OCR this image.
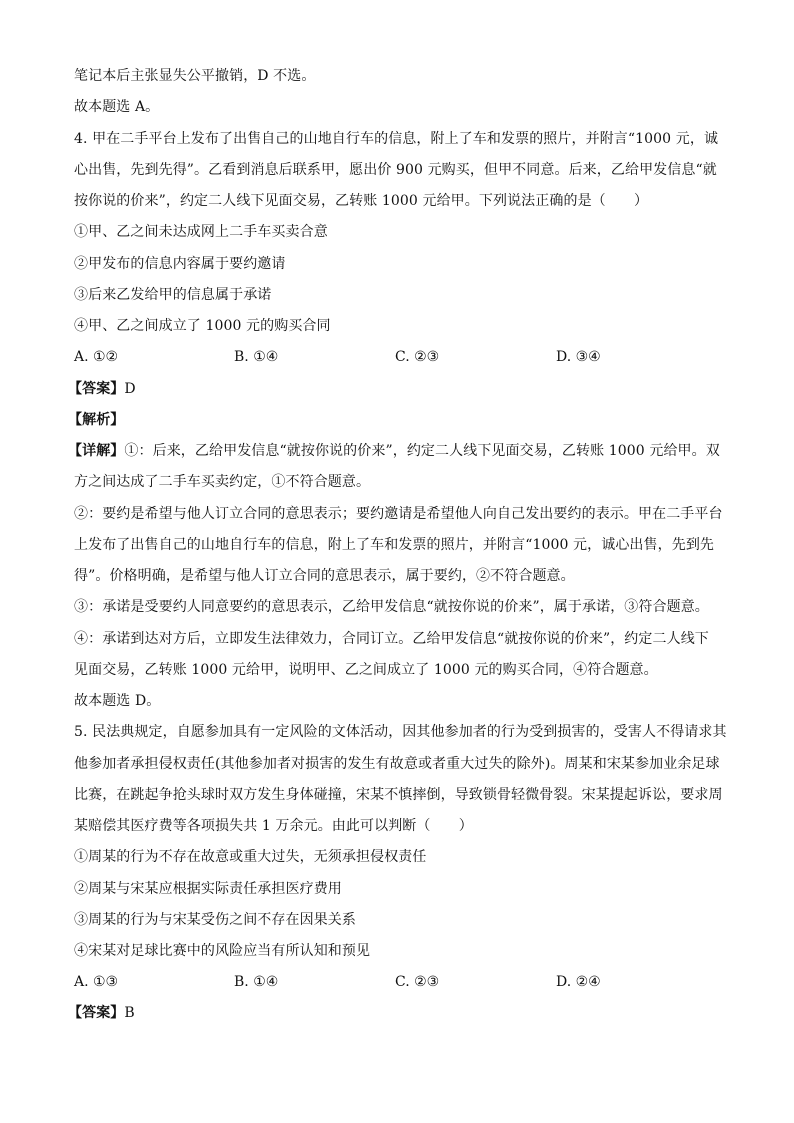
笔记本后主张显失公平撤销，D 不选。
故本题选 A。
4. 甲在二手平台上发布了出售自己的山地自行车的信息，附上了车和发票的照片，并附言“1000 元，诚
心出售，先到先得”。乙看到消息后联系甲，愿出价 900 元购买，但甲不同意。后来，乙给甲发信息“就
按你说的价来”，约定二人线下见面交易，乙转账 1000 元给甲。下列说法正确的是（　　）
①甲、乙之间未达成网上二手车买卖合意
②甲发布的信息内容属于要约邀请
③后来乙发给甲的信息属于承诺
④甲、乙之间成立了 1000 元的购买合同
A. ①②	B. ①④	C. ②③	D. ③④
【答案】D
【解析】
【详解】①：后来，乙给甲发信息“就按你说的价来”，约定二人线下见面交易，乙转账 1000 元给甲。双
方之间达成了二手车买卖约定，①不符合题意。
②：要约是希望与他人订立合同的意思表示；要约邀请是希望他人向自己发出要约的表示。甲在二手平台
上发布了出售自己的山地自行车的信息，附上了车和发票的照片，并附言“1000 元，诚心出售，先到先
得”。价格明确，是希望与他人订立合同的意思表示，属于要约，②不符合题意。
③：承诺是受要约人同意要约的意思表示，乙给甲发信息“就按你说的价来”，属于承诺，③符合题意。
④：承诺到达对方后，立即发生法律效力，合同订立。乙给甲发信息“就按你说的价来”，约定二人线下
见面交易，乙转账 1000 元给甲，说明甲、乙之间成立了 1000 元的购买合同，④符合题意。
故本题选 D。
5. 民法典规定，自愿参加具有一定风险的文体活动，因其他参加者的行为受到损害的，受害人不得请求其
他参加者承担侵权责任(其他参加者对损害的发生有故意或者重大过失的除外)。周某和宋某参加业余足球
比赛，在跳起争抢头球时双方发生身体碰撞，宋某不慎摔倒，导致锁骨轻微骨裂。宋某提起诉讼，要求周
某赔偿其医疗费等各项损失共 1 万余元。由此可以判断（　　）
①周某的行为不存在故意或重大过失，无须承担侵权责任
②周某与宋某应根据实际责任承担医疗费用
③周某的行为与宋某受伤之间不存在因果关系
④宋某对足球比赛中的风险应当有所认知和预见
A. ①③	B. ①④	C. ②③	D. ②④
【答案】B
